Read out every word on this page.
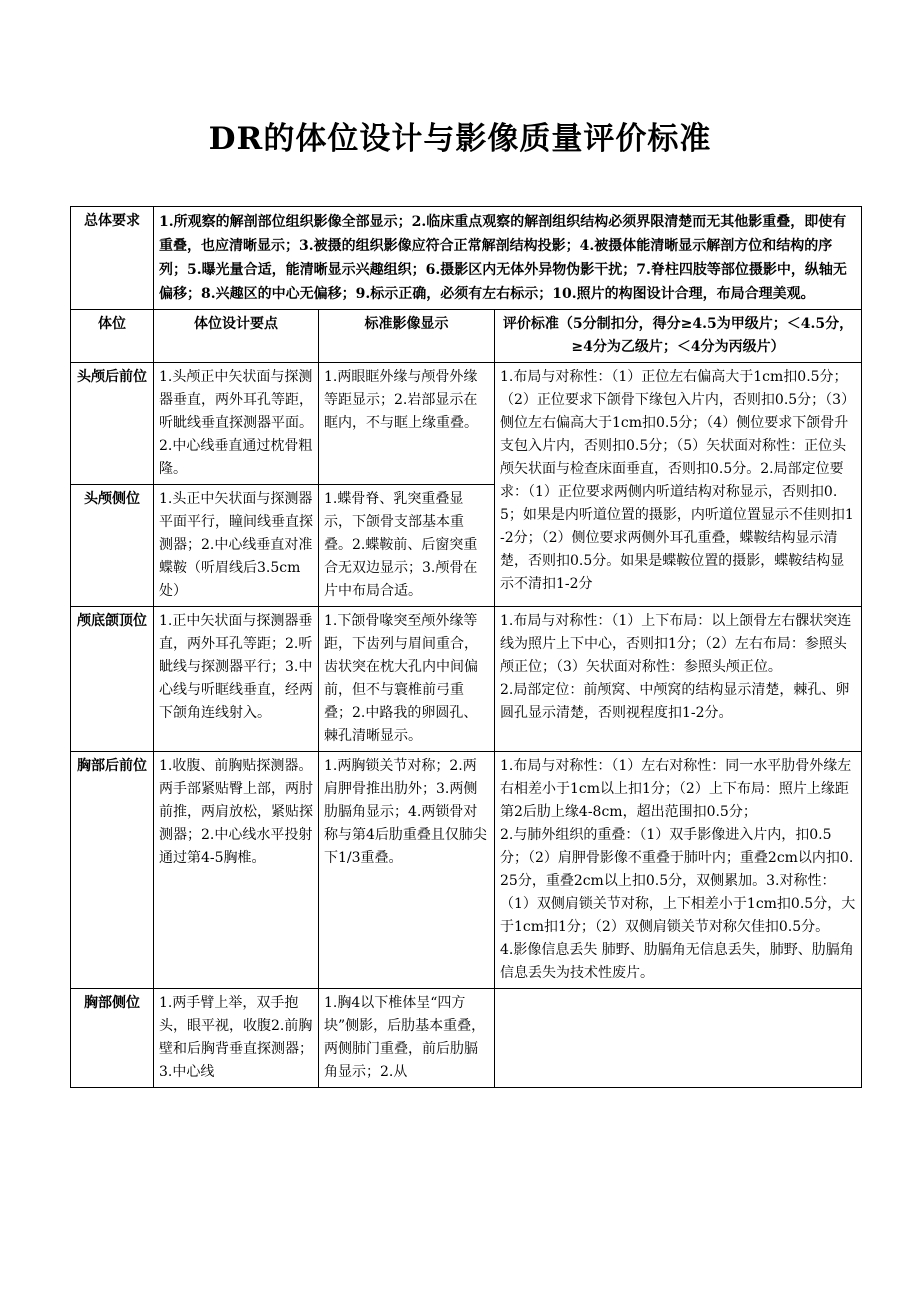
DR的体位设计与影像质量评价标准
总体要求	1.所观察的解剖部位组织影像全部显示；2.临床重点观察的解剖组织结构必须界限清楚而无其他影重叠，即使有重叠，也应清晰显示；3.被摄的组织影像应符合正常解剖结构投影；4.被摄体能清晰显示解剖方位和结构的序列；5.曝光量合适，能清晰显示兴趣组织；6.摄影区内无体外异物伪影干扰；7.脊柱四肢等部位摄影中，纵轴无偏移；8.兴趣区的中心无偏移；9.标示正确，必须有左右标示；10.照片的构图设计合理，布局合理美观。		
体位	体位设计要点	标准影像显示	评价标准（5分制扣分，得分≥4.5为甲级片；＜4.5分，≥4分为乙级片；＜4分为丙级片）
头颅后前位	1.头颅正中矢状面与探测器垂直，两外耳孔等距，听眦线垂直探测器平面。2.中心线垂直通过枕骨粗隆。	1.两眼眶外缘与颅骨外缘等距显示；2.岩部显示在眶内，不与眶上缘重叠。	1.布局与对称性：（1）正位左右偏高大于1cm扣0.5分；（2）正位要求下颌骨下缘包入片内，否则扣0.5分；（3）侧位左右偏高大于1cm扣0.5分；（4）侧位要求下颌骨升支包入片内，否则扣0.5分；（5）矢状面对称性：正位头颅矢状面与检查床面垂直，否则扣0.5分。2.局部定位要求：（1）正位要求两侧内听道结构对称显示，否则扣0.5；如果是内听道位置的摄影，内听道位置显示不佳则扣1-2分；（2）侧位要求两侧外耳孔重叠，蝶鞍结构显示清楚，否则扣0.5分。如果是蝶鞍位置的摄影，蝶鞍结构显示不清扣1-2分
头颅侧位	1.头正中矢状面与探测器平面平行，瞳间线垂直探测器；2.中心线垂直对准蝶鞍（听眉线后3.5cm处）	1.蝶骨脊、乳突重叠显示，下颌骨支部基本重叠。2.蝶鞍前、后窗突重合无双边显示；3.颅骨在片中布局合适。	
颅底颌顶位	1.正中矢状面与探测器垂直，两外耳孔等距；2.听眦线与探测器平行；3.中心线与听眶线垂直，经两下颌角连线射入。	1.下颌骨喙突至颅外缘等距，下齿列与眉间重合，齿状突在枕大孔内中间偏前，但不与寰椎前弓重叠；2.中路我的卵圆孔、棘孔清晰显示。	1.布局与对称性：（1）上下布局：以上颌骨左右髁状突连线为照片上下中心，否则扣1分；（2）左右布局：参照头颅正位；（3）矢状面对称性：参照头颅正位。

2.局部定位：前颅窝、中颅窝的结构显示清楚，棘孔、卵圆孔显示清楚，否则视程度扣1-2分。

胸部后前位	1.收腹、前胸贴探测器。两手部紧贴臀上部，两肘前推，两肩放松，紧贴探测器；2.中心线水平投射通过第4-5胸椎。	1.两胸锁关节对称；2.两肩胛骨推出肋外；3.两侧肋膈角显示；4.两锁骨对称与第4后肋重叠且仅肺尖下1/3重叠。	1.布局与对称性：（1）左右对称性：同一水平肋骨外缘左右相差小于1cm以上扣1分；（2）上下布局：照片上缘距第2后肋上缘4-8cm，超出范围扣0.5分；

2.与肺外组织的重叠：（1）双手影像进入片内，扣0.5分；（2）肩胛骨影像不重叠于肺叶内；重叠2cm以内扣0.25分，重叠2cm以上扣0.5分，双侧累加。3.对称性：（1）双侧肩锁关节对称，上下相差小于1cm扣0.5分，大于1cm扣1分；（2）双侧肩锁关节对称欠佳扣0.5分。

4.影像信息丢失 肺野、肋膈角无信息丢失，肺野、肋膈角信息丢失为技术性废片。

胸部侧位	1.两手臂上举，双手抱头，眼平视，收腹2.前胸壁和后胸背垂直探测器；3.中心线	1.胸4以下椎体呈“四方块”侧影，后肋基本重叠，两侧肺门重叠，前后肋膈角显示；2.从	
